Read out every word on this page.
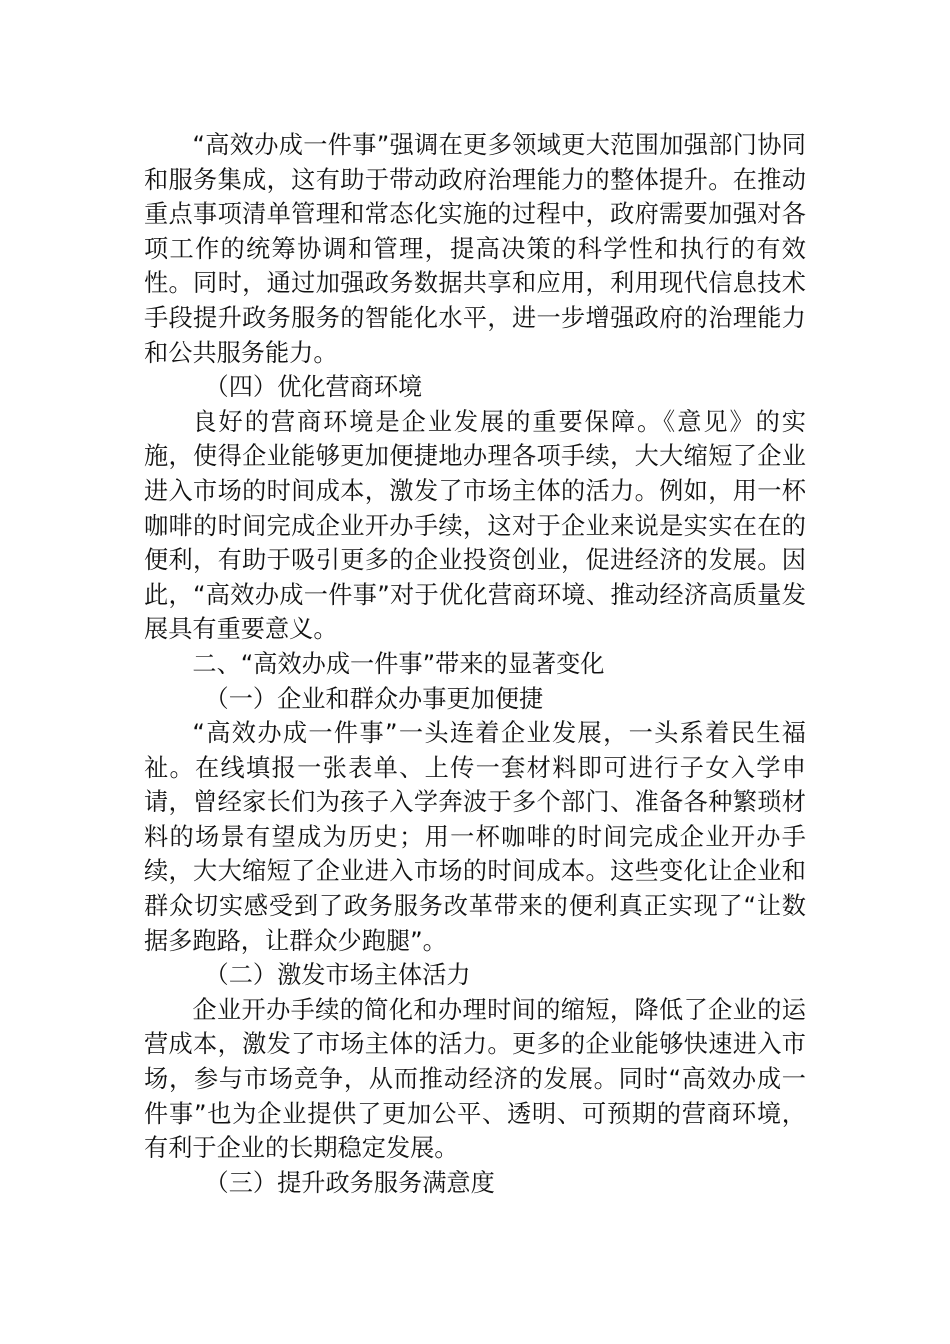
“高效办成一件事”强调在更多领域更大范围加强部门协同和服务集成，这有助于带动政府治理能力的整体提升。在推动重点事项清单管理和常态化实施的过程中，政府需要加强对各项工作的统筹协调和管理，提高决策的科学性和执行的有效性。同时，通过加强政务数据共享和应用，利用现代信息技术手段提升政务服务的智能化水平，进一步增强政府的治理能力和公共服务能力。

（四）优化营商环境

良好的营商环境是企业发展的重要保障。《意见》的实施，使得企业能够更加便捷地办理各项手续，大大缩短了企业进入市场的时间成本，激发了市场主体的活力。例如，用一杯咖啡的时间完成企业开办手续，这对于企业来说是实实在在的便利，有助于吸引更多的企业投资创业，促进经济的发展。因此，“高效办成一件事”对于优化营商环境、推动经济高质量发展具有重要意义。

二、“高效办成一件事”带来的显著变化

（一）企业和群众办事更加便捷

“高效办成一件事”一头连着企业发展，一头系着民生福祉。在线填报一张表单、上传一套材料即可进行子女入学申请，曾经家长们为孩子入学奔波于多个部门、准备各种繁琐材料的场景有望成为历史；用一杯咖啡的时间完成企业开办手续，大大缩短了企业进入市场的时间成本。这些变化让企业和群众切实感受到了政务服务改革带来的便利真正实现了“让数据多跑路，让群众少跑腿”。

（二）激发市场主体活力

企业开办手续的简化和办理时间的缩短，降低了企业的运营成本，激发了市场主体的活力。更多的企业能够快速进入市场，参与市场竞争，从而推动经济的发展。同时“高效办成一件事”也为企业提供了更加公平、透明、可预期的营商环境，有利于企业的长期稳定发展。

（三）提升政务服务满意度
